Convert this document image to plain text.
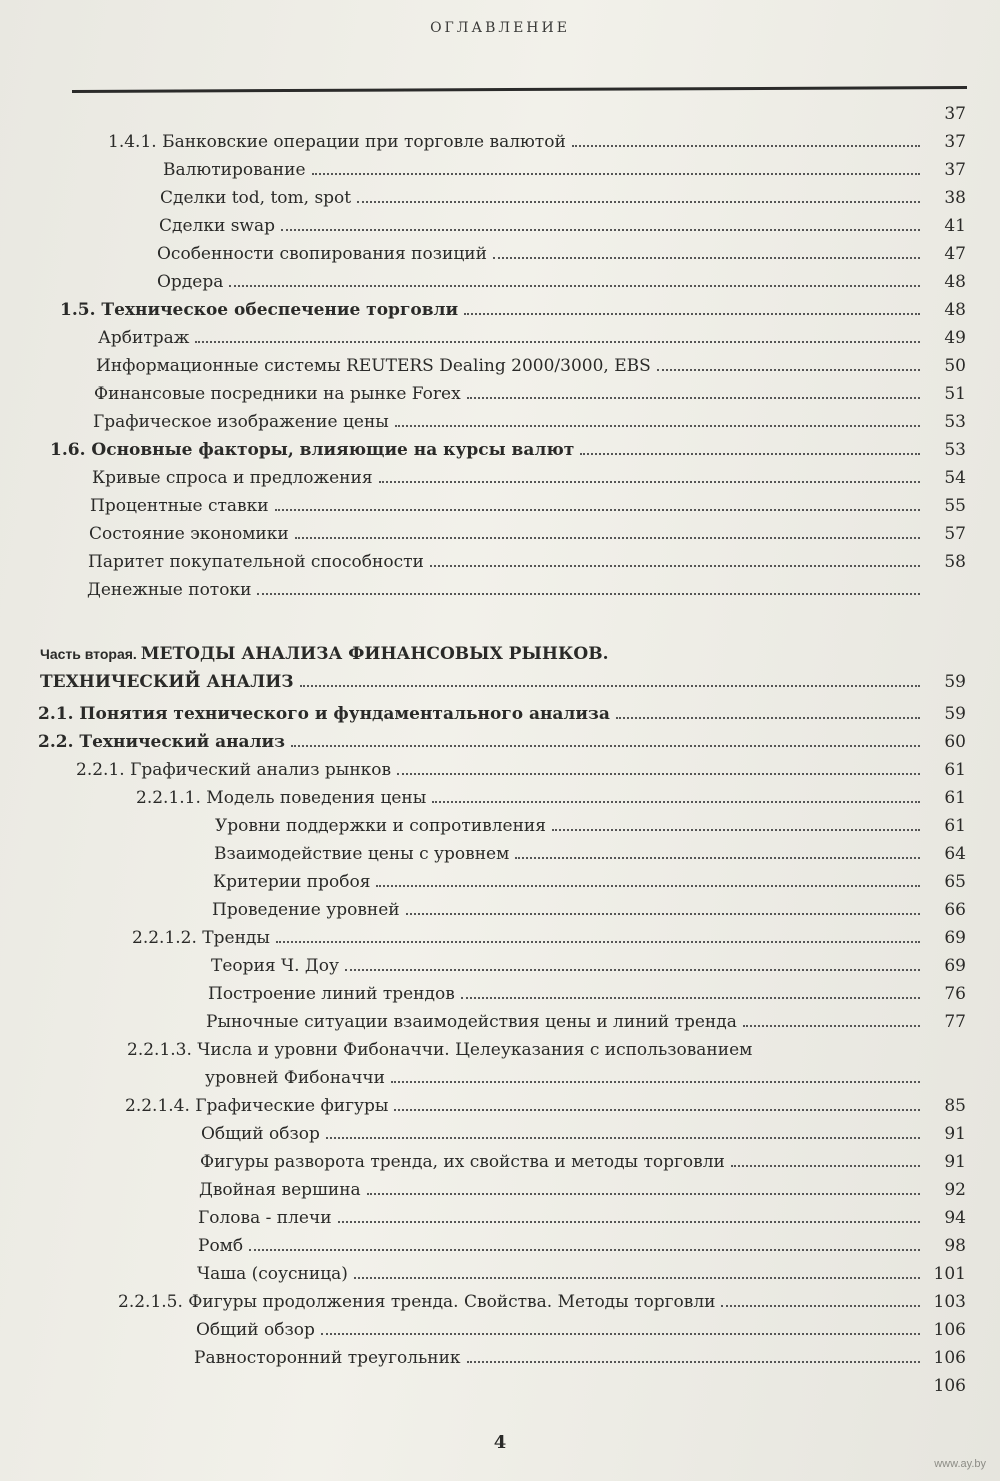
ОГЛАВЛЕНИЕ
37
1.4.1. Банковские операции при торговле валютой	37
Валютирование	37
Сделки tod, tom, spot	38
Сделки swap	41
Особенности свопирования позиций	47
Ордера	48
1.5. Техническое обеспечение торговли	48
Арбитраж	49
Информационные системы REUTERS Dealing 2000/3000, EBS	50
Финансовые посредники на рынке Forex	51
Графическое изображение цены	53
1.6. Основные факторы, влияющие на курсы валют	53
Кривые спроса и предложения	54
Процентные ставки	55
Состояние экономики	57
Паритет покупательной способности	58
Денежные потоки
Часть вторая. МЕТОДЫ АНАЛИЗА ФИНАНСОВЫХ РЫНКОВ.
ТЕХНИЧЕСКИЙ АНАЛИЗ	59
2.1. Понятия технического и фундаментального анализа	59
2.2. Технический анализ	60
2.2.1. Графический анализ рынков	61
2.2.1.1. Модель поведения цены	61
Уровни поддержки и сопротивления	61
Взаимодействие цены с уровнем	64
Критерии пробоя	65
Проведение уровней	66
2.2.1.2. Тренды	69
Теория Ч. Доу	69
Построение линий трендов	76
Рыночные ситуации взаимодействия цены и линий тренда	77
2.2.1.3. Числа и уровни Фибоначчи. Целеуказания с использованием
уровней Фибоначчи
2.2.1.4. Графические фигуры	85
Общий обзор	91
Фигуры разворота тренда, их свойства и методы торговли	91
Двойная вершина	92
Голова - плечи	94
Ромб	98
Чаша (соусница)	101
2.2.1.5. Фигуры продолжения тренда. Свойства. Методы торговли	103
Общий обзор	106
Равносторонний треугольник	106
106
4
www.ay.by
